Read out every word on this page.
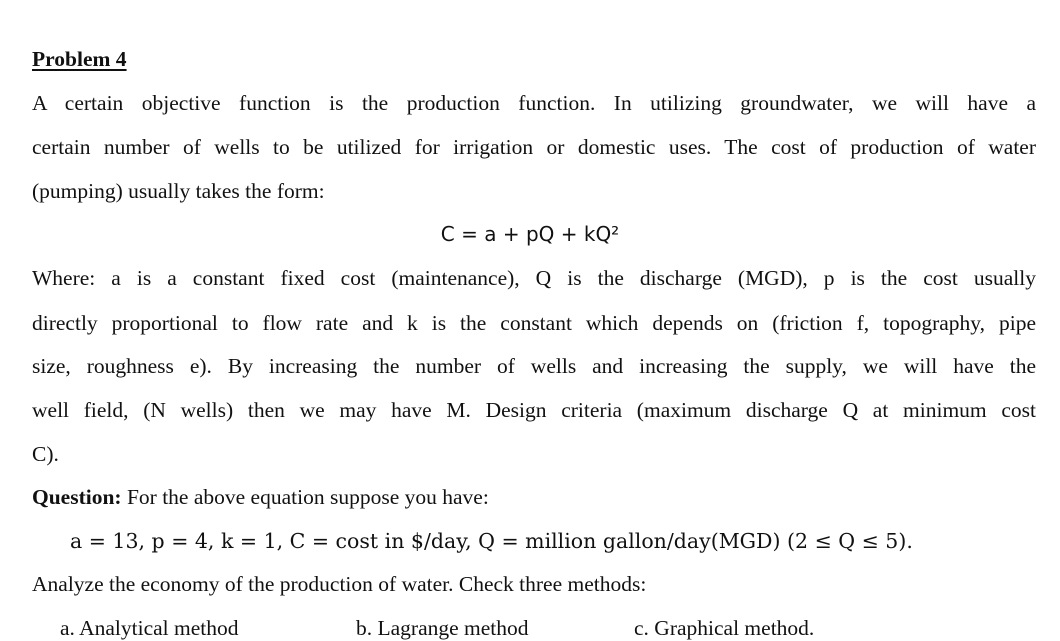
Problem 4
A certain objective function is the production function. In utilizing groundwater, we will have a
certain number of wells to be utilized for irrigation or domestic uses. The cost of production of water
(pumping) usually takes the form:
C = a + pQ + kQ²
Where: a is a constant fixed cost (maintenance), Q is the discharge (MGD), p is the cost usually
directly proportional to flow rate and k is the constant which depends on (friction f, topography, pipe
size, roughness e). By increasing the number of wells and increasing the supply, we will have the
well field, (N wells) then we may have M. Design criteria (maximum discharge Q at minimum cost
C).
Question: For the above equation suppose you have:
a = 13, p = 4, k = 1, C = cost in $/day, Q = million gallon/day(MGD) (2 ≤ Q ≤ 5).
Analyze the economy of the production of water. Check three methods:
a. Analytical method	b. Lagrange method	c. Graphical method.
